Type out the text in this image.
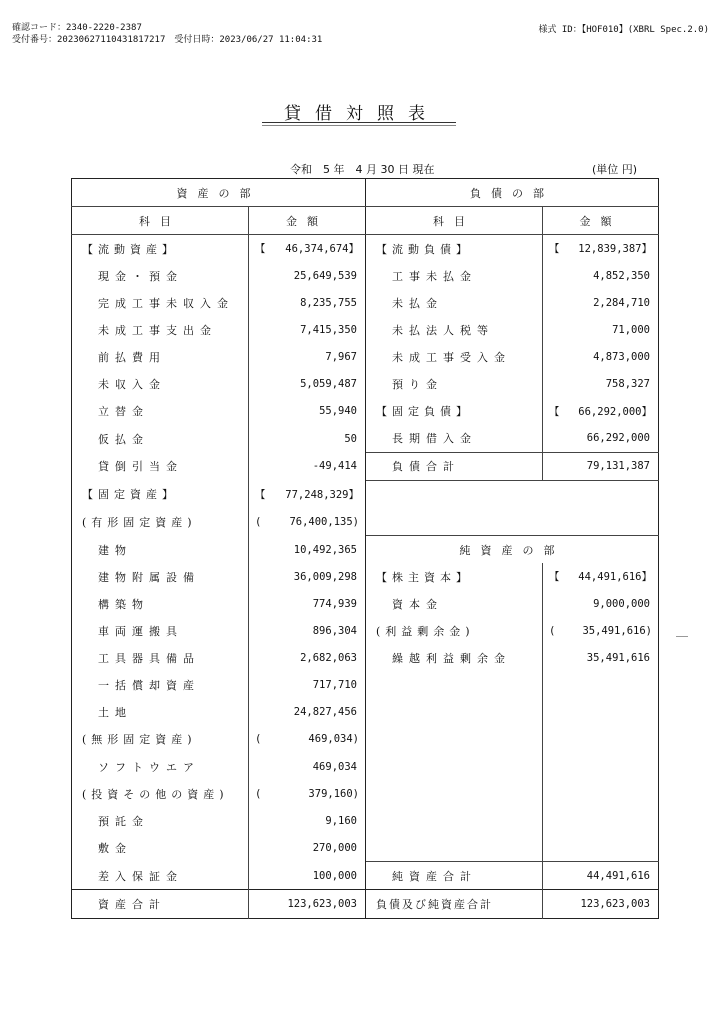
確認コード：2340-2220-2387
受付番号：20230627110431817217　受付日時：2023/06/27 11:04:31
様式 ID：【HOF010】(XBRL Spec.2.0)
貸借対照表
令和　5 年　4 月 30 日 現在	(単位 円)
資産の部		負債の部	
科目	金額	科目	金額
【流動資産】	【 46,374,674】	【流動負債】	【 12,839,387】

現金・預金	25,649,539	工事未払金	4,852,350
完成工事未収入金	8,235,755	未払金	2,284,710
未成工事支出金	7,415,350	未払法人税等	71,000
前払費用	7,967	未成工事受入金	4,873,000
未収入金	5,059,487	預り金	758,327
立替金	55,940	【固定負債】	【 66,292,000】

仮払金	50	長期借入金	66,292,000
貸倒引当金	-49,414	負債合計	79,131,387
【固定資産】	【 77,248,329】		

(有形固定資産)	( 76,400,135)		

建物	10,492,365	純資産の部	
建物附属設備	36,009,298	【株主資本】	【 44,491,616】

構築物	774,939	資本金	9,000,000
車両運搬具	896,304	(利益剰余金)	( 35,491,616)

工具器具備品	2,682,063	繰越利益剰余金	35,491,616
一括償却資産	717,710		
土地	24,827,456		
(無形固定資産)	( 469,034)		

ソフトウエア	469,034		
(投資その他の資産)	( 379,160)		

預託金	9,160		
敷金	270,000		
差入保証金	100,000	純資産合計	44,491,616
資産合計	123,623,003	負債及び純資産合計	123,623,003
